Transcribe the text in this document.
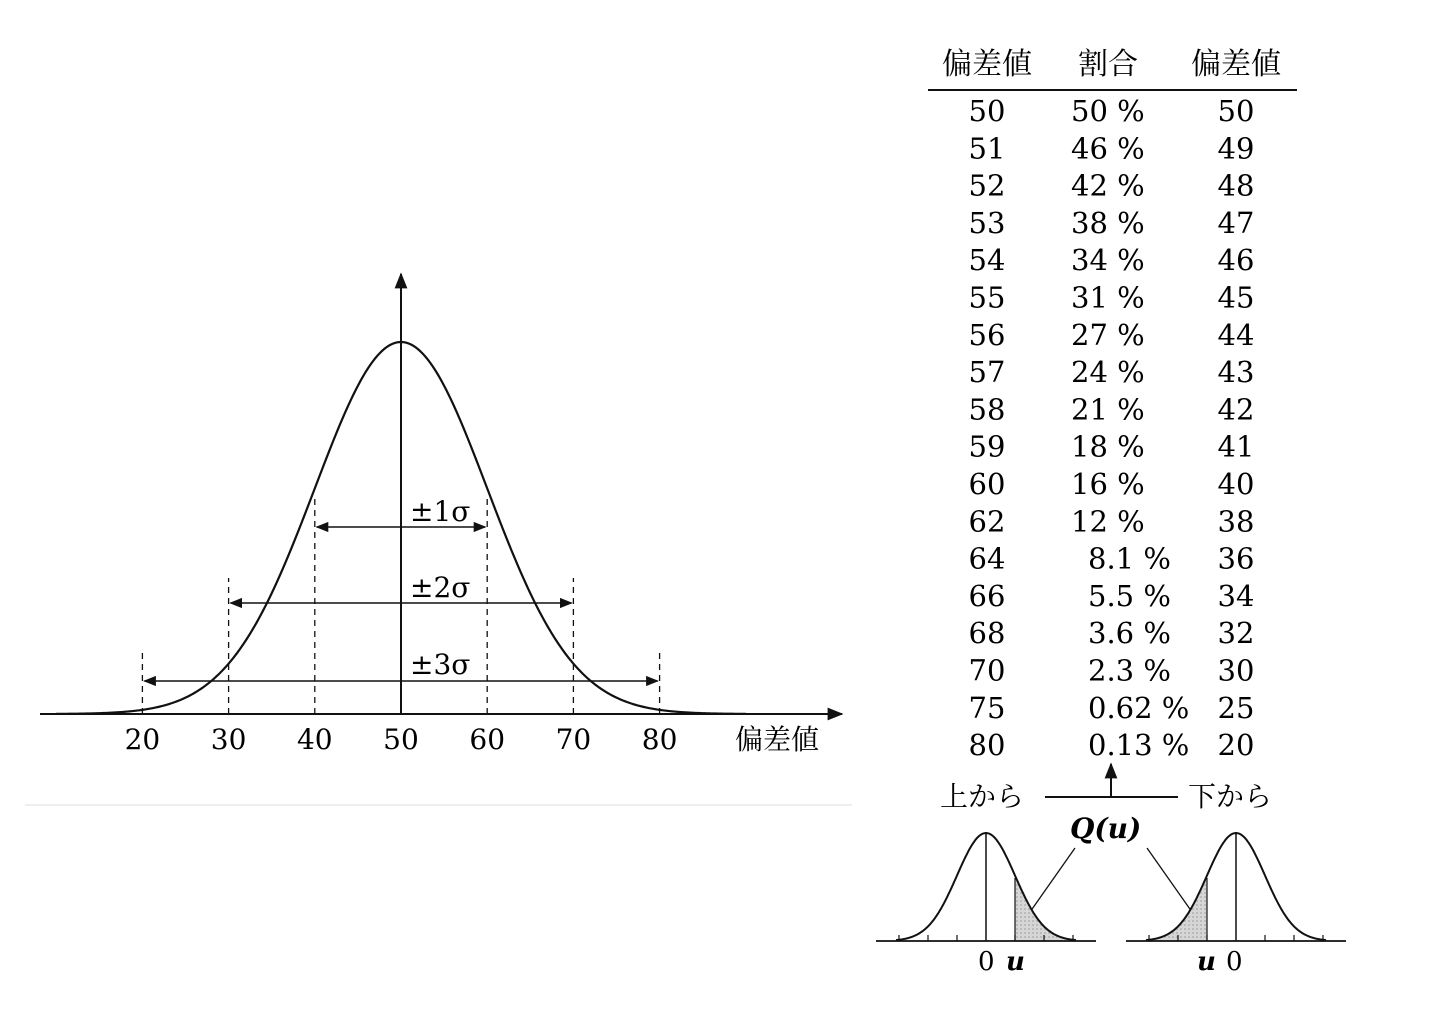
±1σ
±2σ
±3σ
20 30 40 50 60 70 80 偏差値
偏差値 割合 偏差値
50 50 %	50
51 46 %	49
52 42 %	48
53 38 %	47
54 34 %	46
55 31 %	45
56 27 %	44
57 24 %	43
58 21 %	42
59 18 %	41
60 16 %	40
62 12 %	38
64	8.1 % 36
66	5.5 % 34
68	3.6 % 32
70	2.3 % 30
75	0.62 % 25
80	0.13 % 20
上から	下から
Q(u)
0 u	u 0
